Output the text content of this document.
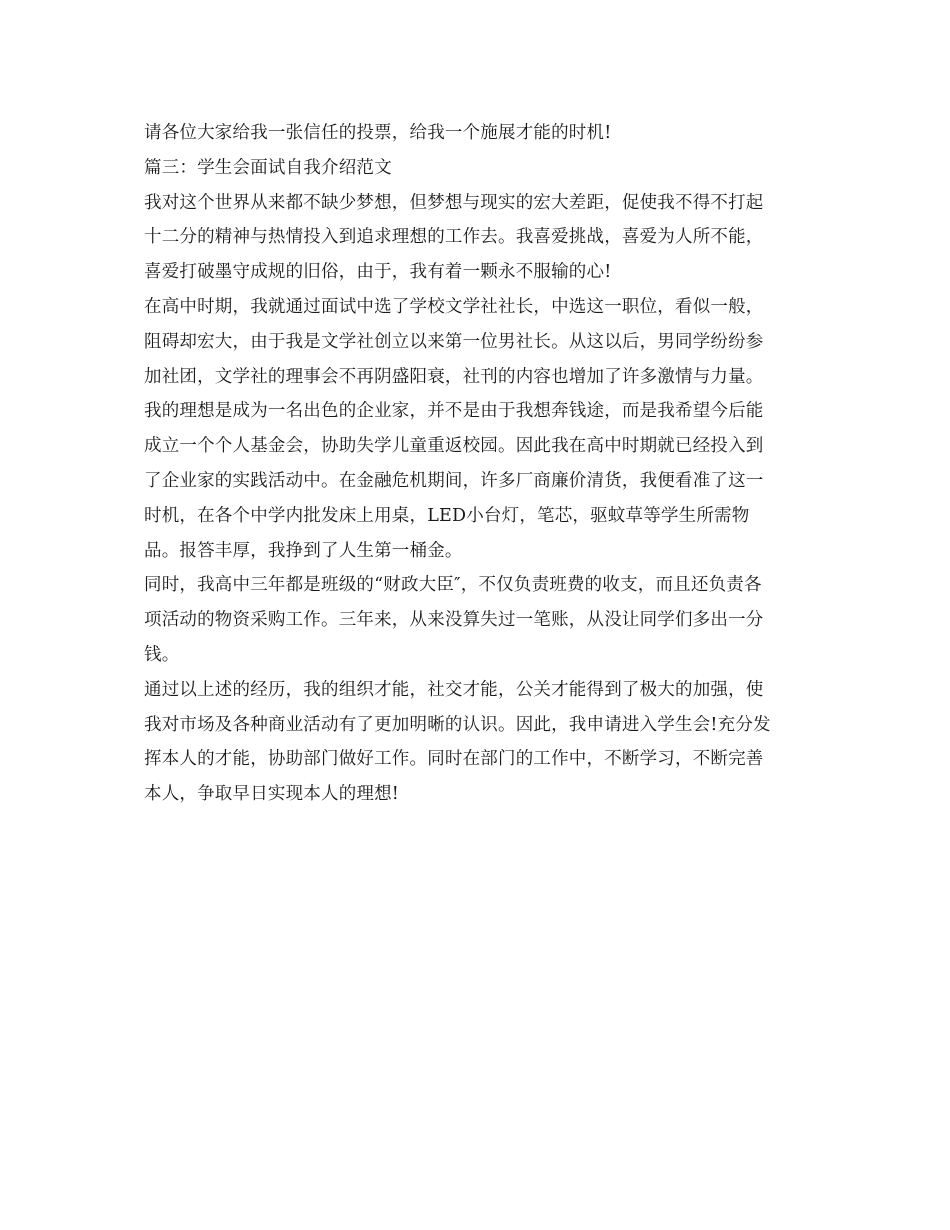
请各位大家给我一张信任的投票，给我一个施展才能的时机!
篇三：学生会面试自我介绍范文
我对这个世界从来都不缺少梦想，但梦想与现实的宏大差距，促使我不得不打起
十二分的精神与热情投入到追求理想的工作去。我喜爱挑战，喜爱为人所不能，
喜爱打破墨守成规的旧俗，由于，我有着一颗永不服输的心!
在高中时期，我就通过面试中选了学校文学社社长，中选这一职位，看似一般，
阻碍却宏大，由于我是文学社创立以来第一位男社长。从这以后，男同学纷纷参
加社团，文学社的理事会不再阴盛阳衰，社刊的内容也增加了许多激情与力量。
我的理想是成为一名出色的企业家，并不是由于我想奔钱途，而是我希望今后能
成立一个个人基金会，协助失学儿童重返校园。因此我在高中时期就已经投入到
了企业家的实践活动中。在金融危机期间，许多厂商廉价清货，我便看准了这一
时机，在各个中学内批发床上用桌，LED小台灯，笔芯，驱蚊草等学生所需物
品。报答丰厚，我挣到了人生第一桶金。
同时，我高中三年都是班级的“财政大臣″，不仅负责班费的收支，而且还负责各
项活动的物资采购工作。三年来，从来没算失过一笔账，从没让同学们多出一分
钱。
通过以上述的经历，我的组织才能，社交才能，公关才能得到了极大的加强，使
我对市场及各种商业活动有了更加明晰的认识。因此，我申请进入学生会!充分发
挥本人的才能，协助部门做好工作。同时在部门的工作中，不断学习，不断完善
本人，争取早日实现本人的理想!
